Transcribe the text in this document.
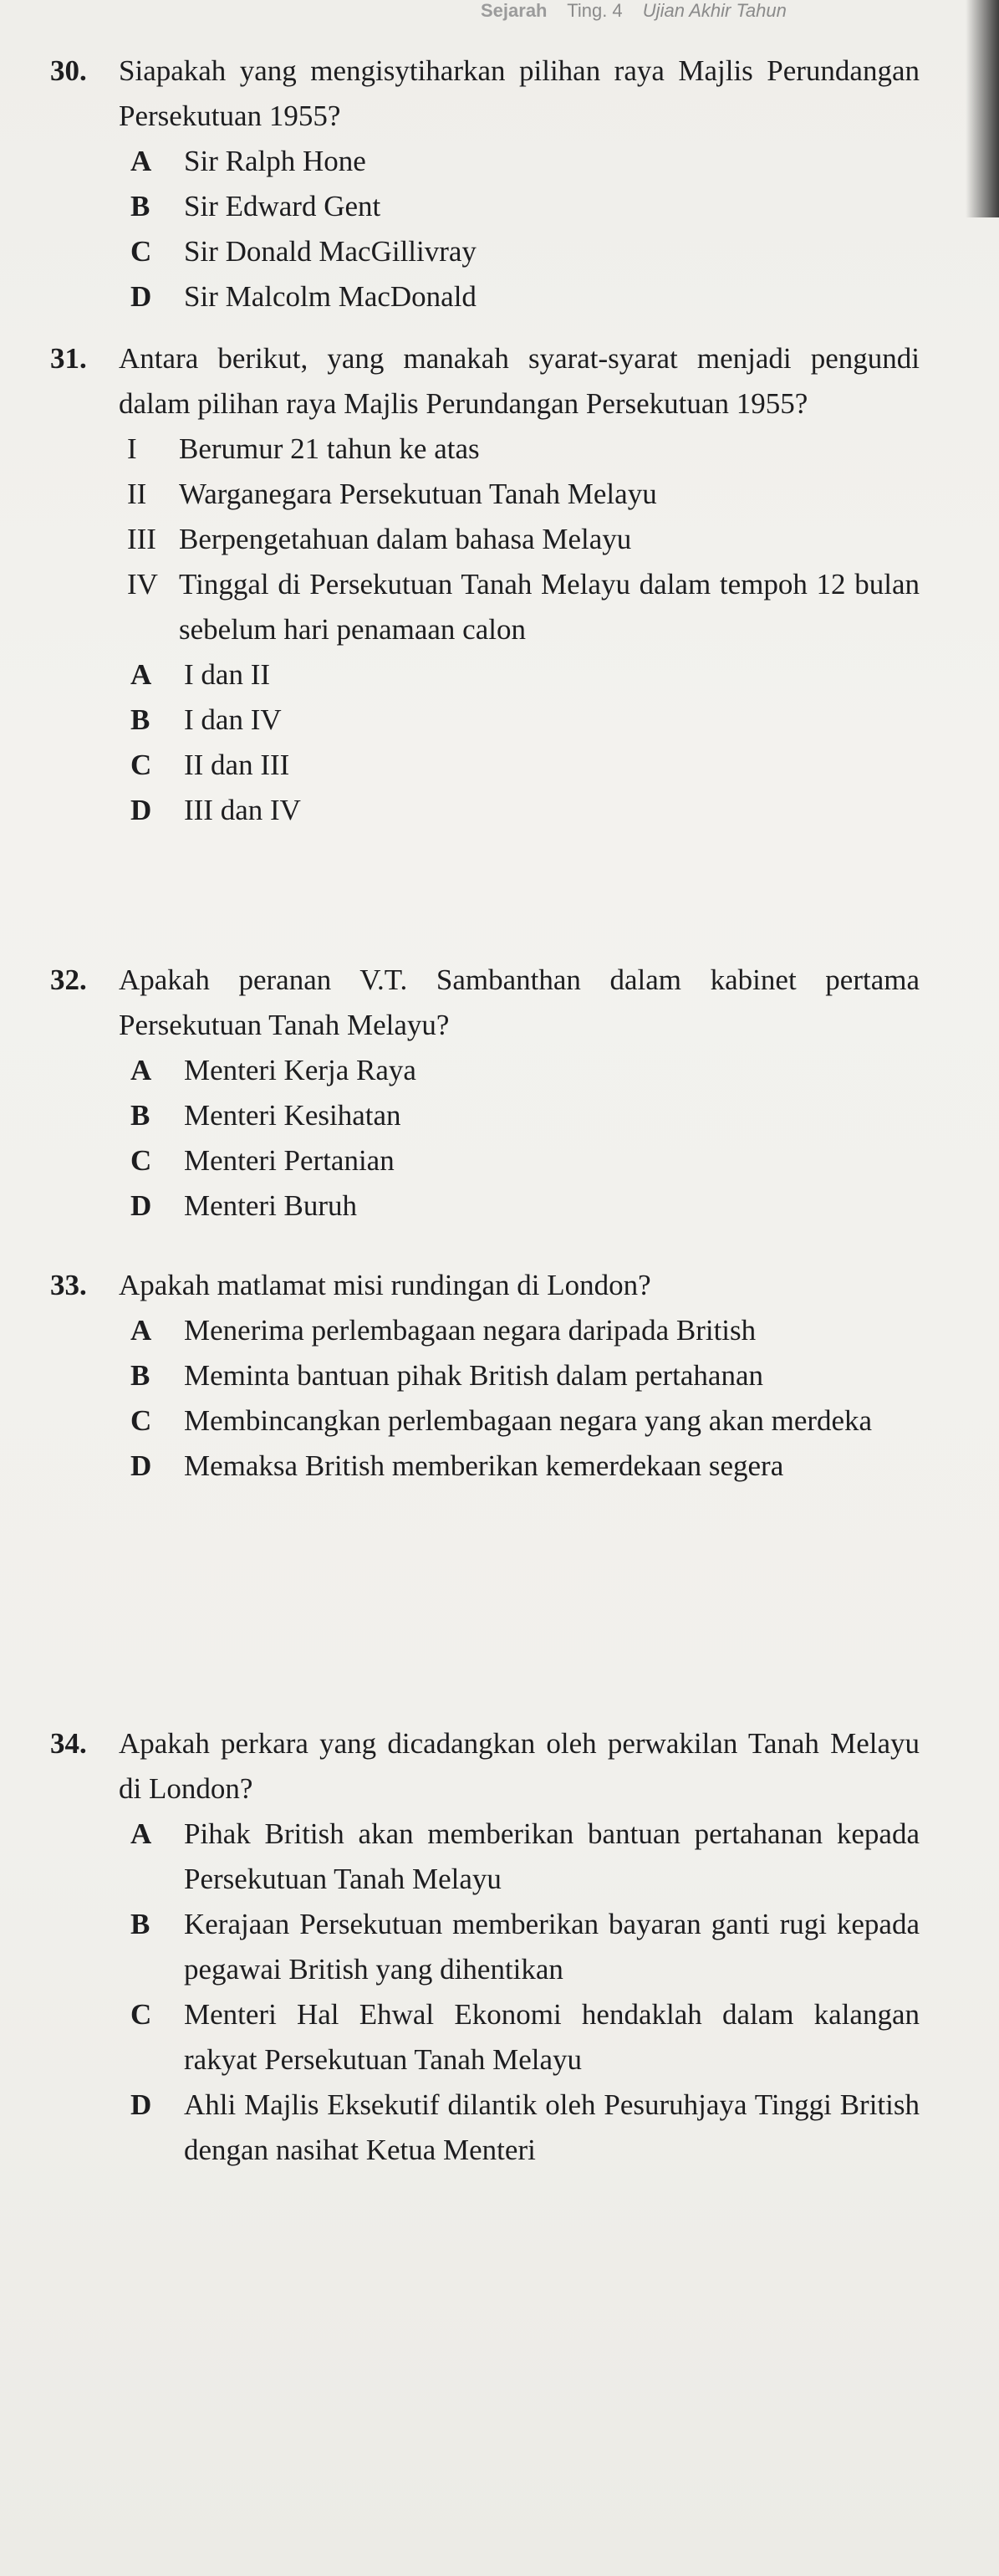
Sejarah Ting. 4 Ujian Akhir Tahun
30.	Siapakah yang mengisytiharkan pilihan raya Majlis Perundangan Persekutuan 1955?
A	Sir Ralph Hone
B	Sir Edward Gent
C	Sir Donald MacGillivray
D	Sir Malcolm MacDonald
31.	Antara berikut, yang manakah syarat-syarat menjadi pengundi dalam pilihan raya Majlis Perundangan Persekutuan 1955?
I	Berumur 21 tahun ke atas
II	Warganegara Persekutuan Tanah Melayu
III Berpengetahuan dalam bahasa Melayu
IV Tinggal di Persekutuan Tanah Melayu dalam tempoh 12 bulan sebelum hari penamaan calon
A	I dan II
B	I dan IV
C	II dan III
D	III dan IV
32.	Apakah peranan V.T. Sambanthan dalam kabinet pertama Persekutuan Tanah Melayu?
A	Menteri Kerja Raya
B	Menteri Kesihatan
C	Menteri Pertanian
D	Menteri Buruh
33.	Apakah matlamat misi rundingan di London?
A	Menerima perlembagaan negara daripada British
B	Meminta bantuan pihak British dalam pertahanan
C	Membincangkan perlembagaan negara yang akan merdeka
D	Memaksa British memberikan kemerdekaan segera
34.	Apakah perkara yang dicadangkan oleh perwakilan Tanah Melayu di London?
A	Pihak British akan memberikan bantuan pertahanan kepada Persekutuan Tanah Melayu
B	Kerajaan Persekutuan memberikan bayaran ganti rugi kepada pegawai British yang dihentikan
C	Menteri Hal Ehwal Ekonomi hendaklah dalam kalangan rakyat Persekutuan Tanah Melayu
D	Ahli Majlis Eksekutif dilantik oleh Pesuruhjaya Tinggi British dengan nasihat Ketua Menteri
